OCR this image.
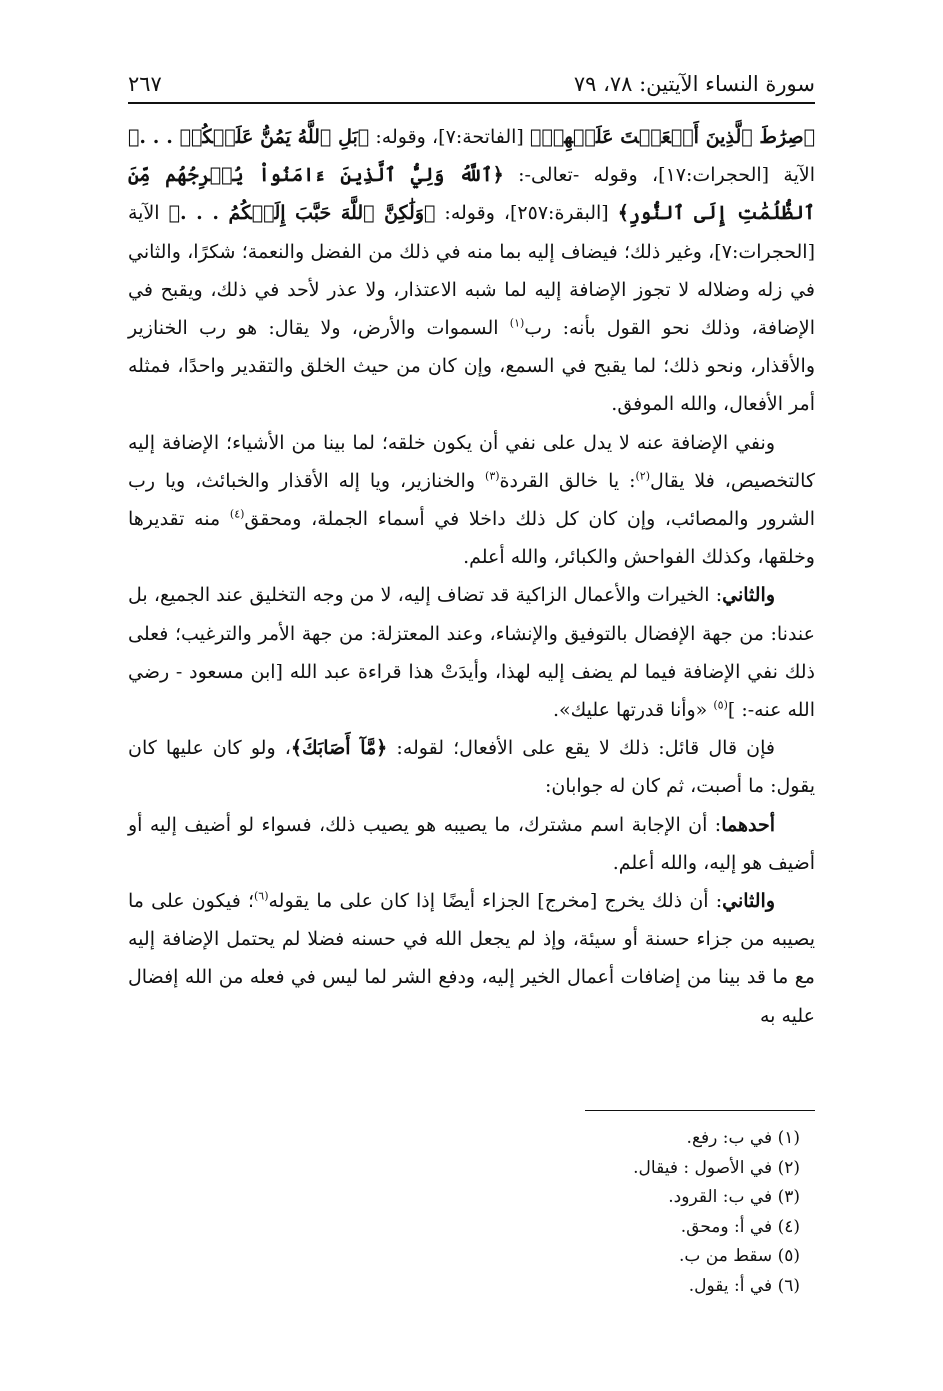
سورة النساء الآيتين: ٧٨، ٧٩
٢٦٧

﴿صِرَٰطَ ٱلَّذِينَ أَنۡعَمۡتَ عَلَيۡهِمۡ﴾ [الفاتحة:٧]، وقوله: ﴿بَلِ ٱللَّهُ يَمُنُّ عَلَيۡكُمۡ . . .﴾ الآية [الحجرات:١٧]، وقوله -تعالى-: ﴿ٱللَّهُ وَلِيُّ ٱلَّذِينَ ءَامَنُواْ يُخۡرِجُهُم مِّنَ ٱلظُّلُمَٰتِ إِلَى ٱلنُّورِ﴾ [البقرة:٢٥٧]، وقوله: ﴿وَلَٰكِنَّ ٱللَّهَ حَبَّبَ إِلَيۡكُمُ . . .﴾ الآية [الحجرات:٧]، وغير ذلك؛ فيضاف إليه بما منه في ذلك من الفضل والنعمة؛ شكرًا، والثاني في زله وضلاله لا تجوز الإضافة إليه لما شبه الاعتذار، ولا عذر لأحد في ذلك، ويقبح في الإضافة، وذلك نحو القول بأنه: رب$^{(١)}$ السموات والأرض، ولا يقال: هو رب الخنازير والأقذار، ونحو ذلك؛ لما يقبح في السمع، وإن كان من حيث الخلق والتقدير واحدًا، فمثله أمر الأفعال، والله الموفق.

ونفي الإضافة عنه لا يدل على نفي أن يكون خلقه؛ لما بينا من الأشياء؛ الإضافة إليه كالتخصيص، فلا يقال$^{(٢)}$: يا خالق القردة$^{(٣)}$ والخنازير، ويا إله الأقذار والخبائث، ويا رب الشرور والمصائب، وإن كان كل ذلك داخلا في أسماء الجملة، ومحقق$^{(٤)}$ منه تقديرها وخلقها، وكذلك الفواحش والكبائر، والله أعلم.

والثاني: الخيرات والأعمال الزاكية قد تضاف إليه، لا من وجه التخليق عند الجميع، بل عندنا: من جهة الإفضال بالتوفيق والإنشاء، وعند المعتزلة: من جهة الأمر والترغيب؛ فعلى ذلك نفي الإضافة فيما لم يضف إليه لهذا، وأيدَتْ هذا قراءة عبد الله [ابن مسعود - رضي الله عنه-: ]$^{(٥)}$ «وأنا قدرتها عليك».

فإن قال قائل: ذلك لا يقع على الأفعال؛ لقوله: ﴿مَّآ أَصَابَكَ﴾، ولو كان عليها كان يقول: ما أصبت، ثم كان له جوابان:

أحدهما: أن الإجابة اسم مشترك، ما يصيبه هو يصيب ذلك، فسواء لو أضيف إليه أو أضيف هو إليه، والله أعلم.

والثاني: أن ذلك يخرج [مخرج] الجزاء أيضًا إذا كان على ما يقوله$^{(٦)}$؛ فيكون على ما يصيبه من جزاء حسنة أو سيئة، وإذ لم يجعل الله في حسنه فضلا لم يحتمل الإضافة إليه مع ما قد بينا من إضافات أعمال الخير إليه، ودفع الشر لما ليس في فعله من الله إفضال عليه به

(١) في ب: رفع.

(٢) في الأصول : فيقال.

(٣) في ب: القرود.

(٤) في أ: ومحق.

(٥) سقط من ب.

(٦) في أ: يقول.
